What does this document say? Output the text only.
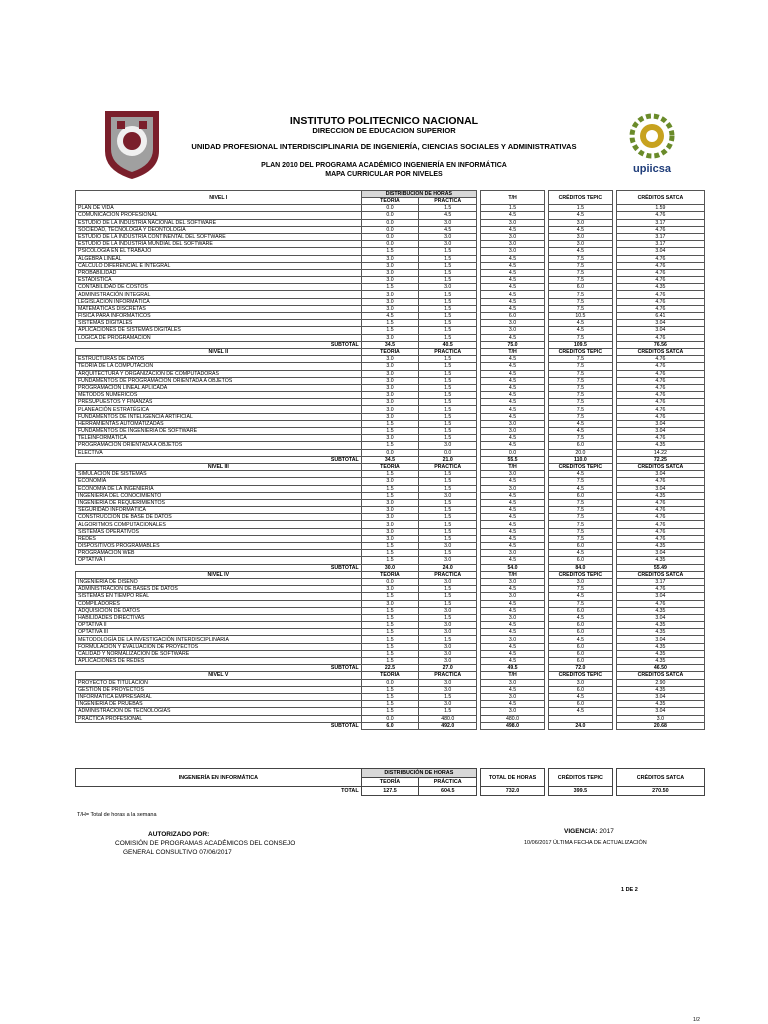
upiicsa
INSTITUTO POLITECNICO NACIONAL
DIRECCION DE EDUCACION SUPERIOR
UNIDAD PROFESIONAL INTERDISCIPLINARIA DE INGENIERÍA, CIENCIAS SOCIALES Y ADMINISTRATIVAS
PLAN 2010 DEL PROGRAMA ACADÉMICO INGENIERÍA EN INFORMÁTICA
MAPA CURRICULAR POR NIVELES
NIVEL I	DISTRIBUCIÓN DE HORAS			T/H		CRÉDITOS TEPIC		CRÉDITOS SATCA
	TEORÍA	PRÁCTICA						
PLAN DE VIDA	0.0	1.5		1.5		1.5		1.59
COMUNICACIÓN PROFESIONAL	0.0	4.5		4.5		4.5		4.76
ESTUDIO DE LA INDUSTRIA NACIONAL DEL SOFTWARE	0.0	3.0		3.0		3.0		3.17
SOCIEDAD, TECNOLOGÍA Y DEONTOLOGÍA	0.0	4.5		4.5		4.5		4.76
ESTUDIO DE LA INDUSTRIA CONTINENTAL DEL SOFTWARE	0.0	3.0		3.0		3.0		3.17
ESTUDIO DE LA INDUSTRIA MUNDIAL DEL SOFTWARE	0.0	3.0		3.0		3.0		3.17
PSICOLOGÍA EN EL TRABAJO	1.5	1.5		3.0		4.5		3.04
ÁLGEBRA LINEAL	3.0	1.5		4.5		7.5		4.76
CÁLCULO DIFERENCIAL E INTEGRAL	3.0	1.5		4.5		7.5		4.76
PROBABILIDAD	3.0	1.5		4.5		7.5		4.76
ESTADÍSTICA	3.0	1.5		4.5		7.5		4.76
CONTABILIDAD DE COSTOS	1.5	3.0		4.5		6.0		4.35
ADMINISTRACIÓN INTEGRAL	3.0	1.5		4.5		7.5		4.76
LEGISLACIÓN INFORMÁTICA	3.0	1.5		4.5		7.5		4.76
MATEMÁTICAS DISCRETAS	3.0	1.5		4.5		7.5		4.76
FÍSICA PARA INFORMÁTICOS	4.5	1.5		6.0		10.5		6.41
SISTEMAS DIGITALES	1.5	1.5		3.0		4.5		3.04
APLICACIONES DE SISTEMAS DIGITALES	1.5	1.5		3.0		4.5		3.04
LÓGICA DE PROGRAMACIÓN	3.0	1.5		4.5		7.5		4.76
SUBTOTAL	34.5	40.5		75.0		109.5		76.56
NIVEL II	TEORÍA	PRÁCTICA		T/H		CRÉDITOS TEPIC		CRÉDITOS SATCA
ESTRUCTURAS DE DATOS	3.0	1.5		4.5		7.5		4.76
TEORÍA DE LA COMPUTACIÓN	3.0	1.5		4.5		7.5		4.76
ARQUITECTURA Y ORGANIZACIÓN DE COMPUTADORAS	3.0	1.5		4.5		7.5		4.76
FUNDAMENTOS DE PROGRAMACIÓN ORIENTADA A OBJETOS	3.0	1.5		4.5		7.5		4.76
PROGRAMACIÓN LINEAL APLICADA	3.0	1.5		4.5		7.5		4.76
MÉTODOS NUMÉRICOS	3.0	1.5		4.5		7.5		4.76
PRESUPUESTOS Y FINANZAS	3.0	1.5		4.5		7.5		4.76
PLANEACIÓN ESTRATÉGICA	3.0	1.5		4.5		7.5		4.76
FUNDAMENTOS DE INTELIGENCIA ARTIFICIAL	3.0	1.5		4.5		7.5		4.76
HERRAMIENTAS AUTOMATIZADAS	1.5	1.5		3.0		4.5		3.04
FUNDAMENTOS DE INGENIERÍA DE SOFTWARE	1.5	1.5		3.0		4.5		3.04
TELEINFORMÁTICA	3.0	1.5		4.5		7.5		4.76
PROGRAMACIÓN ORIENTADA A OBJETOS	1.5	3.0		4.5		6.0		4.35
ELECTIVA	0.0	0.0		0.0		20.0		14.22
SUBTOTAL	34.5	21.0		55.5		110.0		72.25
NIVEL III	TEORÍA	PRÁCTICA		T/H		CRÉDITOS TEPIC		CRÉDITOS SATCA
SIMULACIÓN DE SISTEMAS	1.5	1.5		3.0		4.5		3.04
ECONOMÍA	3.0	1.5		4.5		7.5		4.76
ECONOMÍA DE LA INGENIERÍA	1.5	1.5		3.0		4.5		3.04
INGENIERÍA DEL CONOCIMIENTO	1.5	3.0		4.5		6.0		4.35
INGENIERÍA DE REQUERIMIENTOS	3.0	1.5		4.5		7.5		4.76
SEGURIDAD INFORMÁTICA	3.0	1.5		4.5		7.5		4.76
CONSTRUCCIÓN DE BASE DE DATOS	3.0	1.5		4.5		7.5		4.76
ALGORITMOS COMPUTACIONALES	3.0	1.5		4.5		7.5		4.76
SISTEMAS OPERATIVOS	3.0	1.5		4.5		7.5		4.76
REDES	3.0	1.5		4.5		7.5		4.76
DISPOSITIVOS PROGRAMABLES	1.5	3.0		4.5		6.0		4.35
PROGRAMACIÓN WEB	1.5	1.5		3.0		4.5		3.04
OPTATIVA I	1.5	3.0		4.5		6.0		4.35
SUBTOTAL	30.0	24.0		54.0		84.0		55.49
NIVEL IV	TEORÍA	PRÁCTICA		T/H		CRÉDITOS TEPIC		CRÉDITOS SATCA
INGENIERÍA DE DISEÑO	0.0	3.0		3.0		3.0		3.17
ADMINISTRACIÓN DE BASES DE DATOS	3.0	1.5		4.5		7.5		4.76
SISTEMAS EN TIEMPO REAL	1.5	1.5		3.0		4.5		3.04
COMPILADORES	3.0	1.5		4.5		7.5		4.76
ADQUISICIÓN DE DATOS	1.5	3.0		4.5		6.0		4.35
HABILIDADES DIRECTIVAS	1.5	1.5		3.0		4.5		3.04
OPTATIVA II	1.5	3.0		4.5		6.0		4.35
OPTATIVA III	1.5	3.0		4.5		6.0		4.35
METODOLOGÍA DE LA INVESTIGACIÓN INTERDISCIPLINARIA	1.5	1.5		3.0		4.5		3.04
FORMULACIÓN Y EVALUACIÓN DE PROYECTOS	1.5	3.0		4.5		6.0		4.35
CALIDAD Y NORMALIZACIÓN DE SOFTWARE	1.5	3.0		4.5		6.0		4.35
APLICACIONES DE REDES	1.5	3.0		4.5		6.0		4.35
SUBTOTAL	22.5	27.0		49.5		72.0		46.50
NIVEL V	TEORÍA	PRÁCTICA		T/H		CRÉDITOS TEPIC		CRÉDITOS SATCA
PROYECTO DE TITULACIÓN	0.0	3.0		3.0		3.0		2.90
GESTIÓN DE PROYECTOS	1.5	3.0		4.5		6.0		4.35
INFORMÁTICA EMPRESARIAL	1.5	1.5		3.0		4.5		3.04
INGENIERÍA DE PRUEBAS	1.5	3.0		4.5		6.0		4.35
ADMINISTRACIÓN DE TECNOLOGÍAS	1.5	1.5		3.0		4.5		3.04
PRÁCTICA PROFESIONAL	0.0	480.0		480.0				3.0
SUBTOTAL	6.0	492.0		498.0		24.0		20.68
INGENIERÍA EN INFORMÁTICA	DISTRIBUCIÓN DE HORAS			TOTAL DE HORAS		CRÉDITOS TEPIC		CRÉDITOS SATCA
	TEORÍA	PRÁCTICA						
TOTAL	127.5	604.5		732.0		399.5		270.50
T/H= Total de horas a la semana
AUTORIZADO POR:
COMISIÓN DE PROGRAMAS ACADÉMICOS DEL CONSEJO
GENERAL CONSULTIVO 07/06/2017
VIGENCIA: 2017
10/06/2017 ÚLTIMA FECHA DE ACTUALIZACIÓN
1 DE 2
1/2
